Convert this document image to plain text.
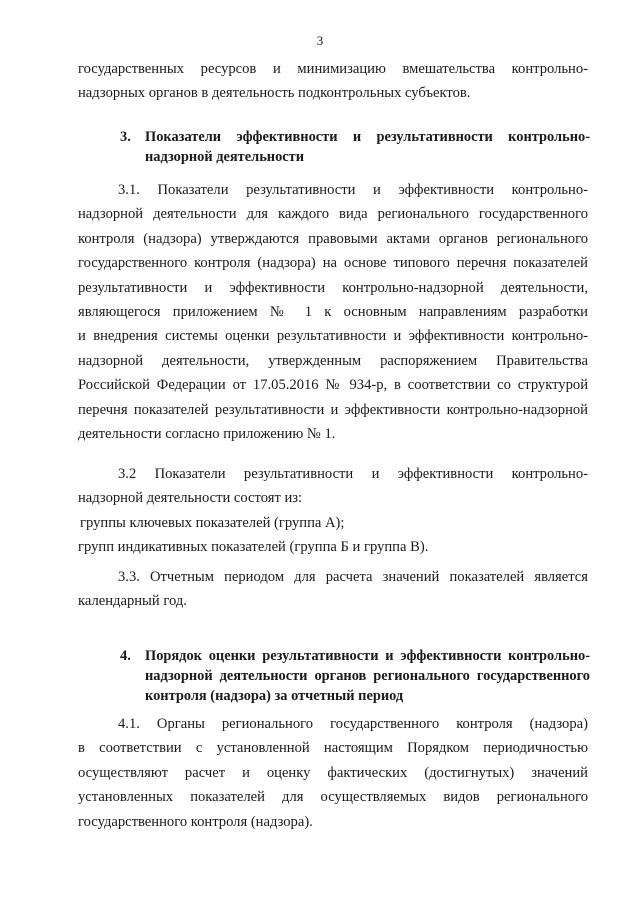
3
государственных ресурсов и минимизацию вмешательства контрольно-
надзорных органов в деятельность подконтрольных субъектов.
3. Показатели эффективности и результативности контрольно-
надзорной деятельности
3.1. Показатели результативности и эффективности контрольно-
надзорной деятельности для каждого вида регионального государственного
контроля (надзора) утверждаются правовыми актами органов регионального
государственного контроля (надзора) на основе типового перечня показателей
результативности и эффективности контрольно-надзорной деятельности,
являющегося приложением № 1 к основным направлениям разработки
и внедрения системы оценки результативности и эффективности контрольно-
надзорной деятельности, утвержденным распоряжением Правительства
Российской Федерации от 17.05.2016 № 934-р, в соответствии со структурой
перечня показателей результативности и эффективности контрольно-надзорной
деятельности согласно приложению № 1.
3.2 Показатели результативности и эффективности контрольно-
надзорной деятельности состоят из:
группы ключевых показателей (группа А);
групп индикативных показателей (группа Б и группа В).
3.3. Отчетным периодом для расчета значений показателей является
календарный год.
4. Порядок оценки результативности и эффективности контрольно-
надзорной деятельности органов регионального государственного
контроля (надзора) за отчетный период
4.1. Органы регионального государственного контроля (надзора)
в соответствии с установленной настоящим Порядком периодичностью
осуществляют расчет и оценку фактических (достигнутых) значений
установленных показателей для осуществляемых видов регионального
государственного контроля (надзора).
